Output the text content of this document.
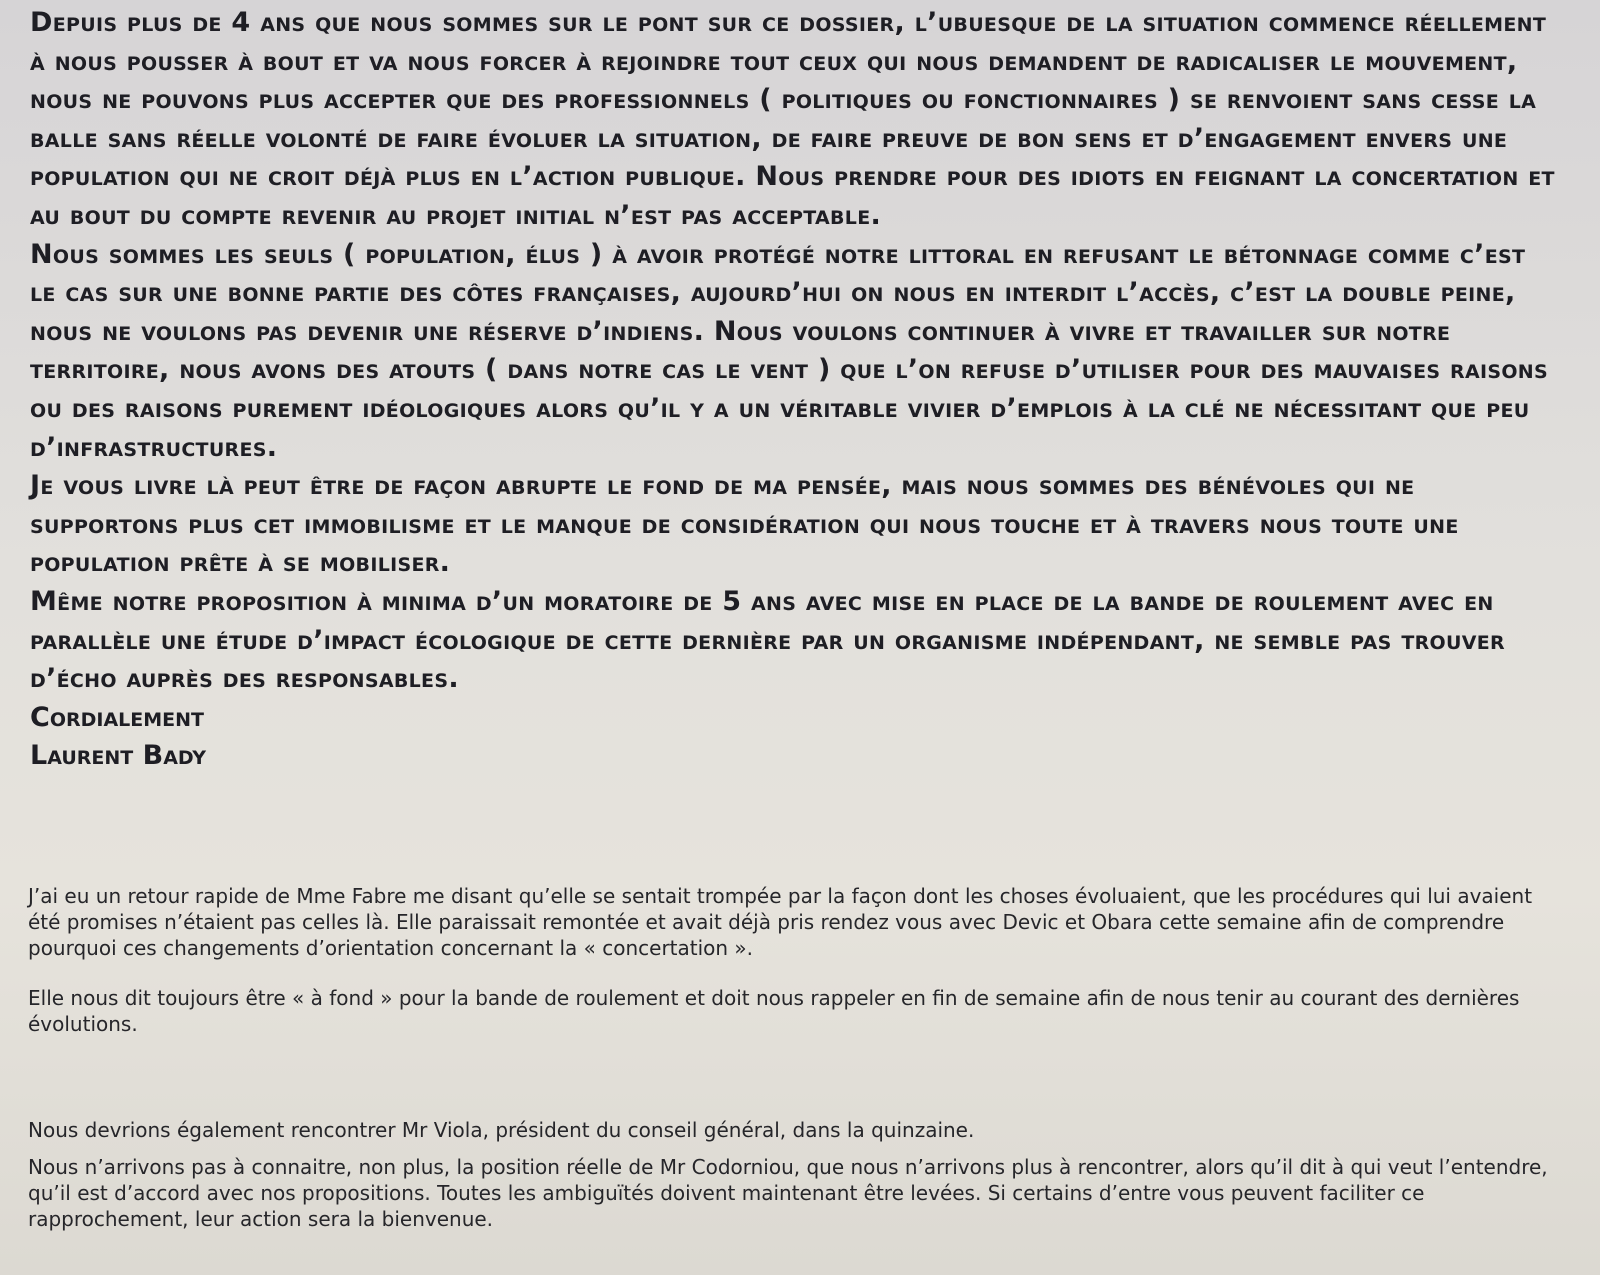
Depuis plus de 4 ans que nous sommes sur le pont sur ce dossier, l’ubuesque de la situation commence réellement à nous pousser à bout et va nous forcer à rejoindre tout ceux qui nous demandent de radicaliser le mouvement, nous ne pouvons plus accepter que des professionnels ( politiques ou fonctionnaires ) se renvoient sans cesse la balle sans réelle volonté de faire évoluer la situation, de faire preuve de bon sens et d’engagement envers une population qui ne croit déjà plus en l’action publique. Nous prendre pour des idiots en feignant la concertation et au bout du compte revenir au projet initial n’est pas acceptable.

Nous sommes les seuls ( population, élus ) à avoir protégé notre littoral en refusant le bétonnage comme c’est le cas sur une bonne partie des côtes françaises, aujourd’hui on nous en interdit l’accès, c’est la double peine, nous ne voulons pas devenir une réserve d’indiens. Nous voulons continuer à vivre et travailler sur notre territoire, nous avons des atouts ( dans notre cas le vent ) que l’on refuse d’utiliser pour des mauvaises raisons ou des raisons purement idéologiques alors qu’il y a un véritable vivier d’emplois à la clé ne nécessitant que peu d’infrastructures.

Je vous livre là peut être de façon abrupte le fond de ma pensée, mais nous sommes des bénévoles qui ne supportons plus cet immobilisme et le manque de considération qui nous touche et à travers nous toute une population prête à se mobiliser.

Même notre proposition à minima d’un moratoire de 5 ans avec mise en place de la bande de roulement avec en parallèle une étude d’impact écologique de cette dernière par un organisme indépendant, ne semble pas trouver d’écho auprès des responsables.

Cordialement

Laurent Bady

J’ai eu un retour rapide de Mme Fabre me disant qu’elle se sentait trompée par la façon dont les choses évoluaient, que les procédures qui lui avaient été promises n’étaient pas celles là. Elle paraissait remontée et avait déjà pris rendez vous avec Devic et Obara cette semaine afin de comprendre pourquoi ces changements d’orientation concernant la « concertation ».

Elle nous dit toujours être « à fond » pour la bande de roulement et doit nous rappeler en fin de semaine afin de nous tenir au courant des dernières évolutions.

Nous devrions également rencontrer Mr Viola, président du conseil général, dans la quinzaine.

Nous n’arrivons pas à connaitre, non plus, la position réelle de Mr Codorniou, que nous n’arrivons plus à rencontrer, alors qu’il dit à qui veut l’entendre, qu’il est d’accord avec nos propositions. Toutes les ambiguïtés doivent maintenant être levées. Si certains d’entre vous peuvent faciliter ce rapprochement, leur action sera la bienvenue.
